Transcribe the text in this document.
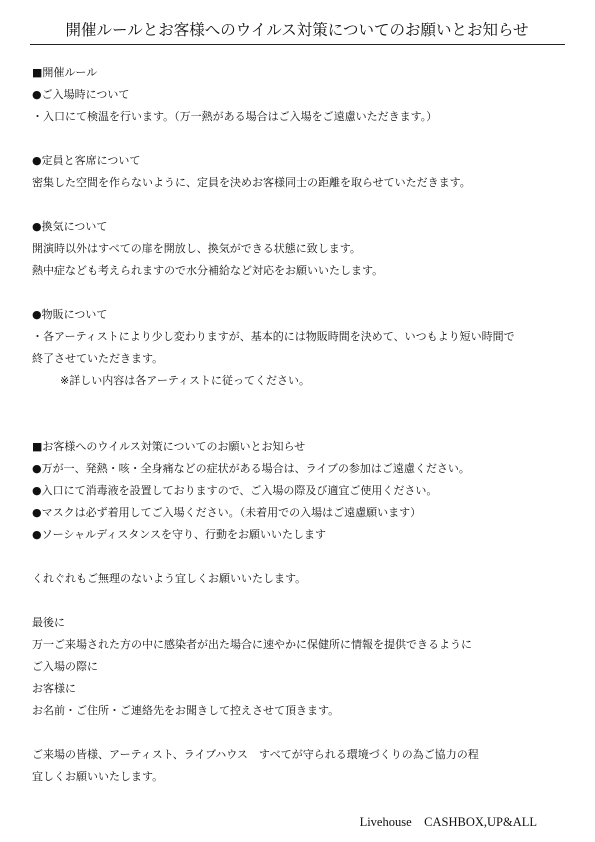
開催ルールとお客様へのウイルス対策についてのお願いとお知らせ
■開催ルール
●ご入場時について
・入口にて検温を行います。（万一熱がある場合はご入場をご遠慮いただきます。）
●定員と客席について
密集した空間を作らないように、定員を決めお客様同士の距離を取らせていただきます。
●換気について
開演時以外はすべての扉を開放し、換気ができる状態に致します。
熱中症なども考えられますので水分補給など対応をお願いいたします。
●物販について
・各アーティストにより少し変わりますが、基本的には物販時間を決めて、いつもより短い時間で
終了させていただきます。
※詳しい内容は各アーティストに従ってください。
■お客様へのウイルス対策についてのお願いとお知らせ
●万が一、発熱・咳・全身痛などの症状がある場合は、ライブの参加はご遠慮ください。
●入口にて消毒液を設置しておりますので、ご入場の際及び適宜ご使用ください。
●マスクは必ず着用してご入場ください。（未着用での入場はご遠慮願います）
●ソーシャルディスタンスを守り、行動をお願いいたします
くれぐれもご無理のないよう宜しくお願いいたします。
最後に
万一ご来場された方の中に感染者が出た場合に速やかに保健所に情報を提供できるように
ご入場の際に
お客様に
お名前・ご住所・ご連絡先をお聞きして控えさせて頂きます。
ご来場の皆様、アーティスト、ライブハウス　すべてが守られる環境づくりの為ご協力の程
宜しくお願いいたします。
Livehouse　CASHBOX,UP&ALL
